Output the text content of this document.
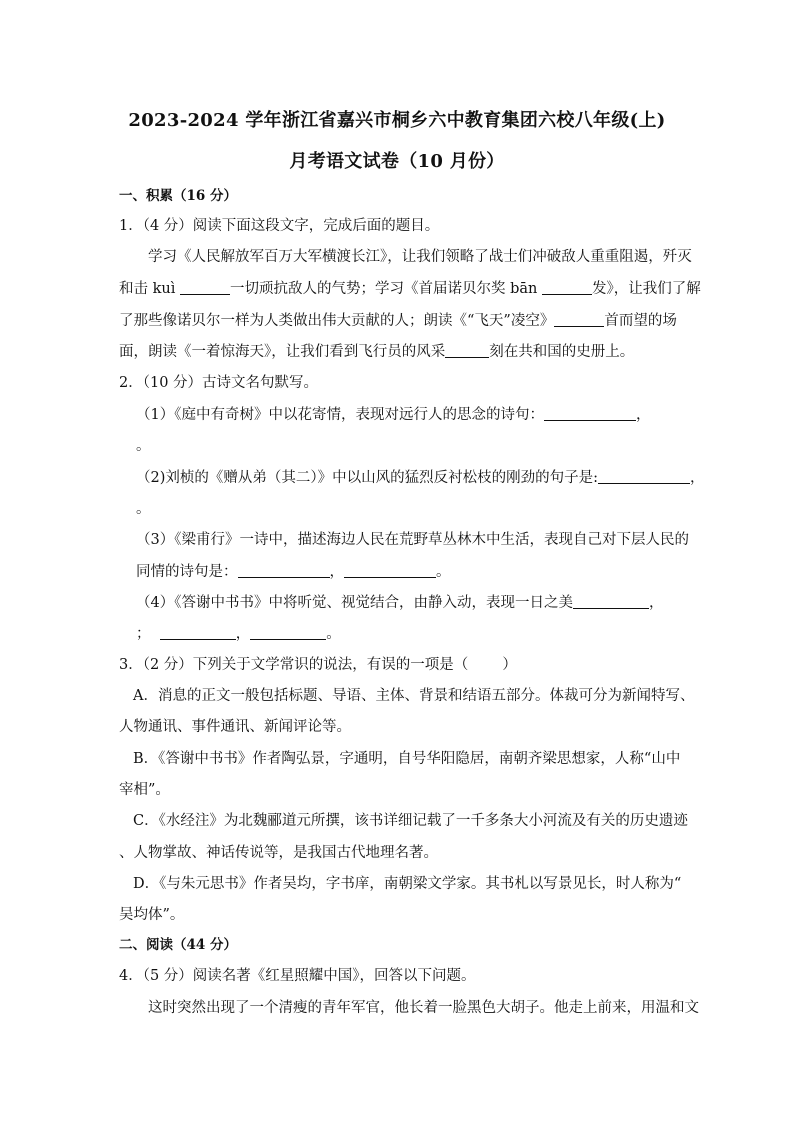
2023-2024 学年浙江省嘉兴市桐乡六中教育集团六校八年级(上)
月考语文试卷（10 月份）
一、积累（16 分）
1．（4 分）阅读下面这段文字，完成后面的题目。
学习《人民解放军百万大军横渡长江》，让我们领略了战士们冲破敌人重重阻遏，歼灭
和击 kuì	一切顽抗敌人的气势；学习《首届诺贝尔奖 bān	发》，让我们了解
了那些像诺贝尔一样为人类做出伟大贡献的人；朗读《“飞天”凌空》	首而望的场
面，朗读《一着惊海天》，让我们看到飞行员的风采	刻在共和国的史册上。
2．（10 分）古诗文名句默写。
（1）《庭中有奇树》中以花寄情，表现对远行人的思念的诗句：	，
。
（2)刘桢的《赠从弟（其二）》中以山风的猛烈反衬松枝的刚劲的句子是:	，
。
（3）《梁甫行》一诗中，描述海边人民在荒野草丛林木中生活，表现自己对下层人民的
同情的诗句是：	，	。
（4）《答谢中书书》中将听觉、视觉结合，由静入动，表现一日之美	，
；	，	。
3．（2 分）下列关于文学常识的说法，有误的一项是（ ）
A．消息的正文一般包括标题、导语、主体、背景和结语五部分。体裁可分为新闻特写、
人物通讯、事件通讯、新闻评论等。
B．《答谢中书书》作者陶弘景，字通明，自号华阳隐居，南朝齐梁思想家，人称“山中
宰相”。
C．《水经注》为北魏郦道元所撰，该书详细记载了一千多条大小河流及有关的历史遗迹
、人物掌故、神话传说等，是我国古代地理名著。
D．《与朱元思书》作者吴均，字书庠，南朝梁文学家。其书札以写景见长，时人称为“
吴均体”。
二、阅读（44 分）
4．（5 分）阅读名著《红星照耀中国》，回答以下问题。
这时突然出现了一个清瘦的青年军官，他长着一脸黑色大胡子。他走上前来，用温和文
